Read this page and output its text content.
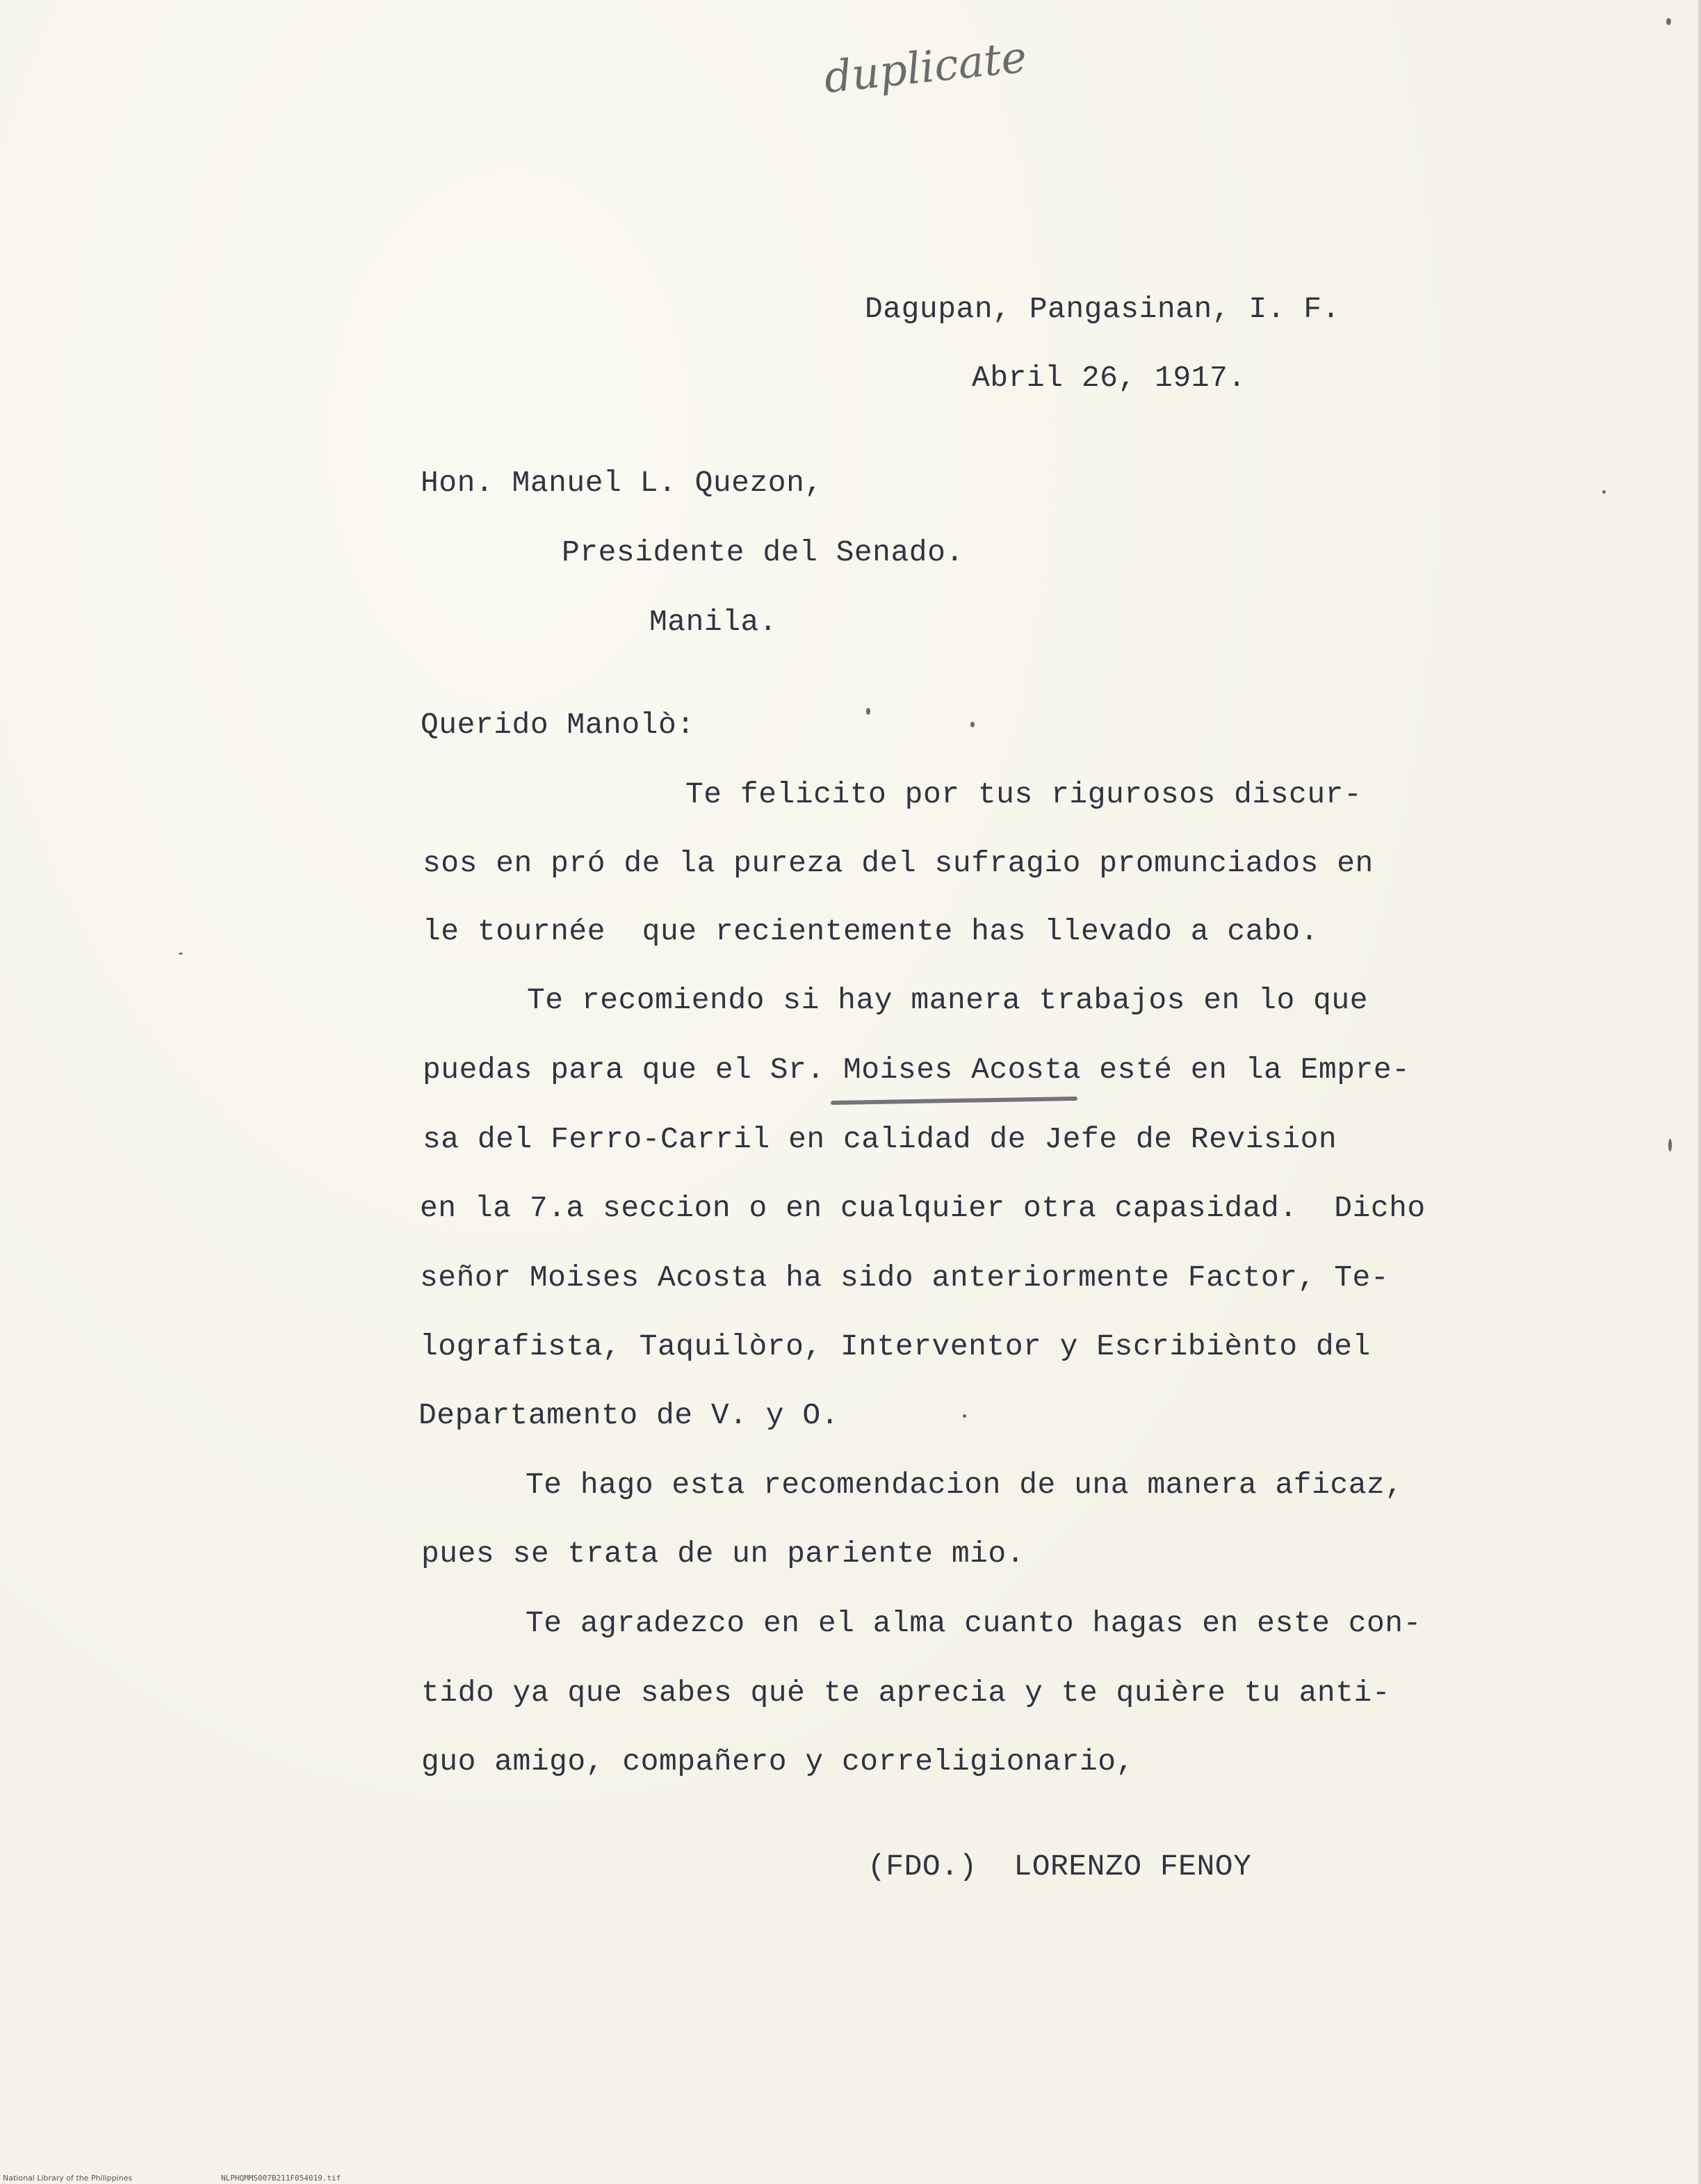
duplicate
Dagupan, Pangasinan, I. F.
Abril 26, 1917.
Hon. Manuel L. Quezon,
Presidente del Senado.
Manila.
Querido Manolò:
Te felicito por tus rigurosos discur-
sos en pró de la pureza del sufragio promunciados en
le tournée  que recientemente has llevado a cabo.
Te recomiendo si hay manera trabajos en lo que
puedas para que el Sr. Moises Acosta esté en la Empre-
sa del Ferro-Carril en calidad de Jefe de Revision
en la 7.a seccion o en cualquier otra capasidad.  Dicho
señor Moises Acosta ha sido anteriormente Factor, Te-
lografista, Taquilòro, Interventor y Escribiènto del
Departamento de V. y O.
Te hago esta recomendacion de una manera aficaz,
pues se trata de un pariente mio.
Te agradezco en el alma cuanto hagas en este con-
tido ya que sabes quė te aprecia y te quière tu anti-
guo amigo, compañero y correligionario,
(FDO.)  LORENZO FENOY
National Library of the Philippines	NLPHQMMS007B211F054019.tif
